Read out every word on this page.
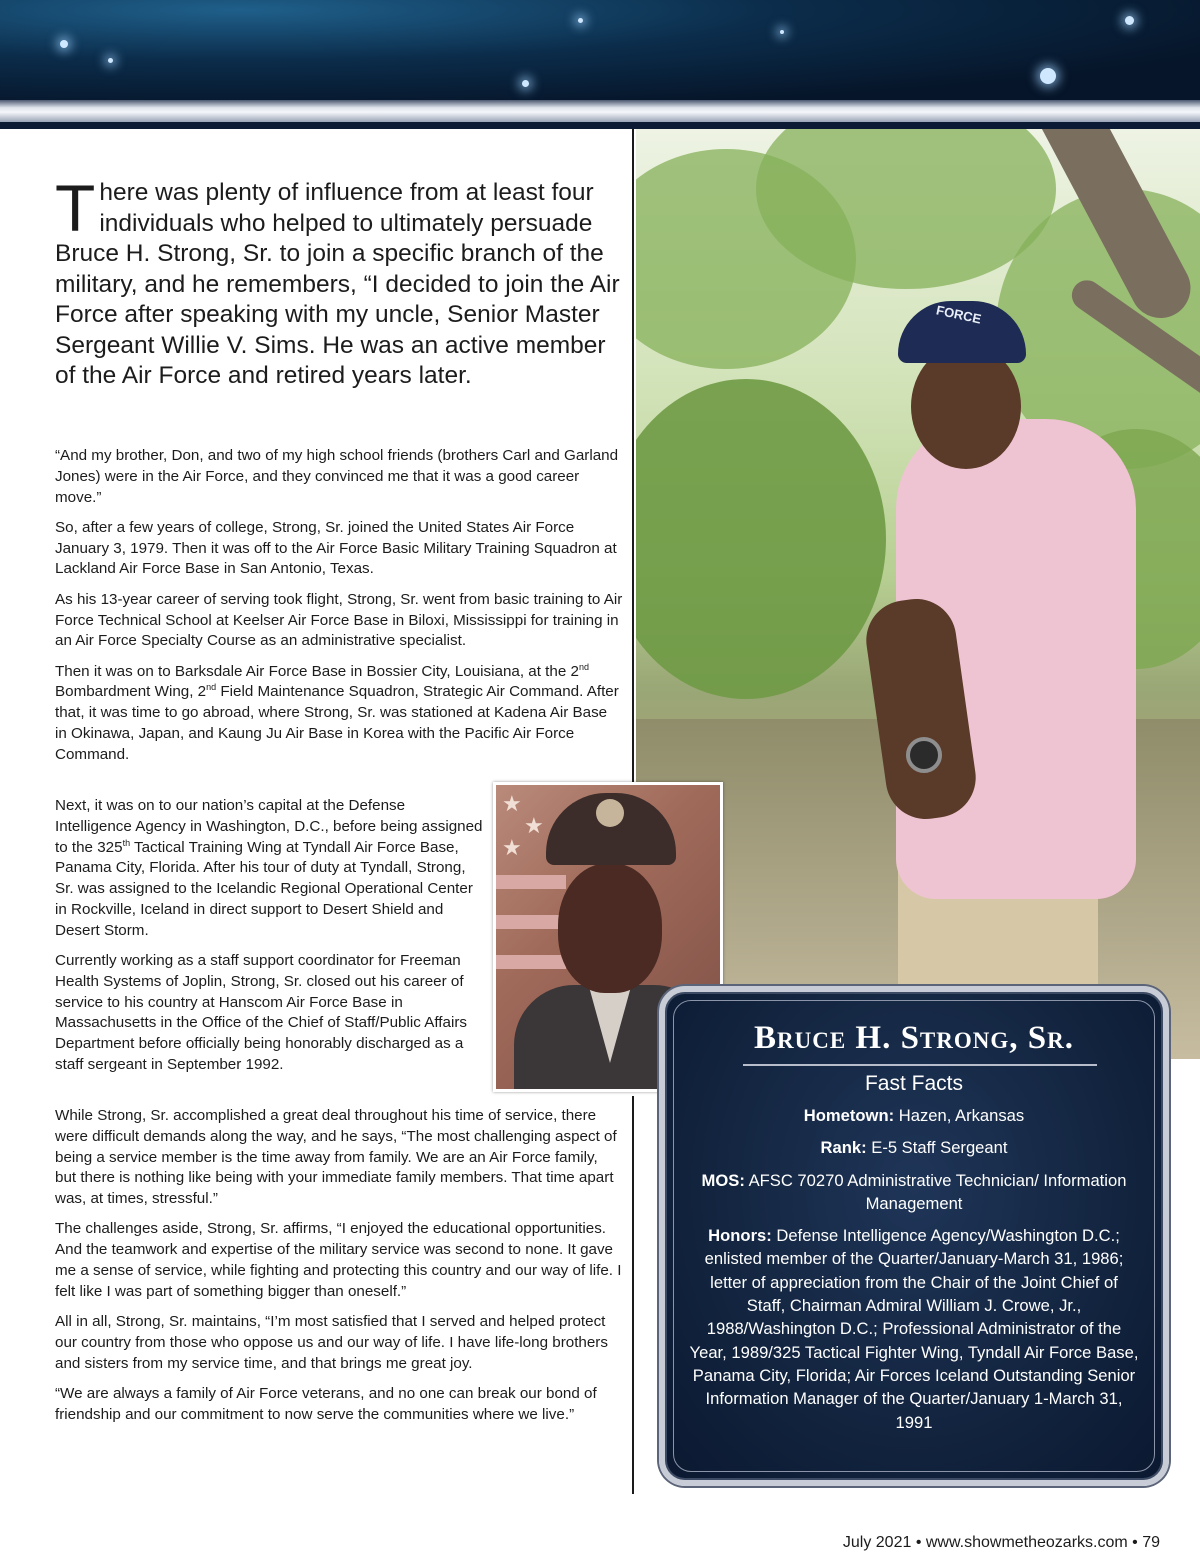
FORCE
There was plenty of influence from at least four individuals who helped to ultimately persuade Bruce H. Strong, Sr. to join a specific branch of the military, and he remembers, “I decided to join the Air Force after speaking with my uncle, Senior Master Sergeant Willie V. Sims. He was an active member of the Air Force and retired years later.

“And my brother, Don, and two of my high school friends (brothers Carl and Garland Jones) were in the Air Force, and they convinced me that it was a good career move.”

So, after a few years of college, Strong, Sr. joined the United States Air Force January 3, 1979. Then it was off to the Air Force Basic Military Training Squadron at Lackland Air Force Base in San Antonio, Texas.

As his 13-year career of serving took flight, Strong, Sr. went from basic training to Air Force Technical School at Keelser Air Force Base in Biloxi, Mississippi for training in an Air Force Specialty Course as an administrative specialist.

Then it was on to Barksdale Air Force Base in Bossier City, Louisiana, at the 2nd Bombardment Wing, 2nd Field Maintenance Squadron, Strategic Air Command. After that, it was time to go abroad, where Strong, Sr. was stationed at Kadena Air Base in Okinawa, Japan, and Kaung Ju Air Base in Korea with the Pacific Air Force Command.

Next, it was on to our nation’s capital at the Defense Intelligence Agency in Washington, D.C., before being assigned to the 325th Tactical Training Wing at Tyndall Air Force Base, Panama City, Florida. After his tour of duty at Tyndall, Strong, Sr. was assigned to the Icelandic Regional Operational Center in Rockville, Iceland in direct support to Desert Shield and Desert Storm.

Currently working as a staff support coordinator for Freeman Health Systems of Joplin, Strong, Sr. closed out his career of service to his country at Hanscom Air Force Base in Massachusetts in the Office of the Chief of Staff/Public Affairs Department before officially being honorably discharged as a staff sergeant in September 1992.

While Strong, Sr. accomplished a great deal throughout his time of service, there were difficult demands along the way, and he says, “The most challenging aspect of being a service member is the time away from family. We are an Air Force family, but there is nothing like being with your immediate family members. That time apart was, at times, stressful.”

The challenges aside, Strong, Sr. affirms, “I enjoyed the educational opportunities. And the teamwork and expertise of the military service was second to none. It gave me a sense of service, while fighting and protecting this country and our way of life. I felt like I was part of something bigger than oneself.”

All in all, Strong, Sr. maintains, “I’m most satisfied that I served and helped protect our country from those who oppose us and our way of life. I have life-long brothers and sisters from my service time, and that brings me great joy.

“We are always a family of Air Force veterans, and no one can break our bond of friendship and our commitment to now serve the communities where we live.”

★
★
★
Bruce H. Strong, Sr.
Fast Facts
Hometown: Hazen, Arkansas
Rank: E-5 Staff Sergeant
MOS: AFSC 70270 Administrative Technician/ Information Management
Honors: Defense Intelligence Agency/Washington D.C.; enlisted member of the Quarter/January-March 31, 1986; letter of appreciation from the Chair of the Joint Chief of Staff, Chairman Admiral William J. Crowe, Jr., 1988/Washington D.C.; Professional Administrator of the Year, 1989/325 Tactical Fighter Wing, Tyndall Air Force Base, Panama City, Florida; Air Forces Iceland Outstanding Senior Information Manager of the Quarter/January 1-March 31, 1991
July 2021 • www.showmetheozarks.com • 79
